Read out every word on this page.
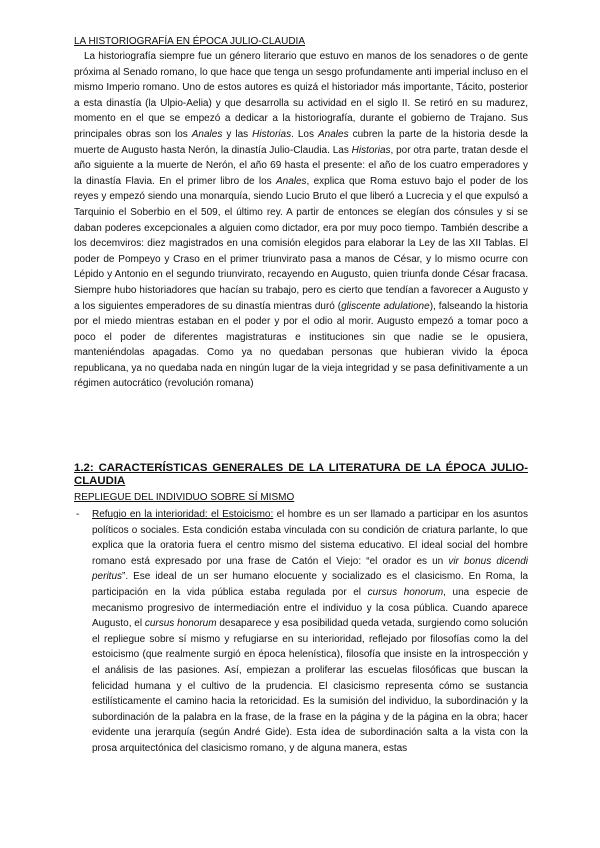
LA HISTORIOGRAFÍA EN ÉPOCA JULIO-CLAUDIA

La historiografía siempre fue un género literario que estuvo en manos de los senadores o de gente próxima al Senado romano, lo que hace que tenga un sesgo profundamente anti imperial incluso en el mismo Imperio romano. Uno de estos autores es quizá el historiador más importante, Tácito, posterior a esta dinastía (la Ulpio-Aelia) y que desarrolla su actividad en el siglo II. Se retiró en su madurez, momento en el que se empezó a dedicar a la historiografía, durante el gobierno de Trajano. Sus principales obras son los Anales y las Historias. Los Anales cubren la parte de la historia desde la muerte de Augusto hasta Nerón, la dinastía Julio-Claudia. Las Historias, por otra parte, tratan desde el año siguiente a la muerte de Nerón, el año 69 hasta el presente: el año de los cuatro emperadores y la dinastía Flavia. En el primer libro de los Anales, explica que Roma estuvo bajo el poder de los reyes y empezó siendo una monarquía, siendo Lucio Bruto el que liberó a Lucrecia y el que expulsó a Tarquinio el Soberbio en el 509, el último rey. A partir de entonces se elegían dos cónsules y si se daban poderes excepcionales a alguien como dictador, era por muy poco tiempo. También describe a los decemviros: diez magistrados en una comisión elegidos para elaborar la Ley de las XII Tablas. El poder de Pompeyo y Craso en el primer triunvirato pasa a manos de César, y lo mismo ocurre con Lépido y Antonio en el segundo triunvirato, recayendo en Augusto, quien triunfa donde César fracasa. Siempre hubo historiadores que hacían su trabajo, pero es cierto que tendían a favorecer a Augusto y a los siguientes emperadores de su dinastía mientras duró (gliscente adulatione), falseando la historia por el miedo mientras estaban en el poder y por el odio al morir. Augusto empezó a tomar poco a poco el poder de diferentes magistraturas e instituciones sin que nadie se le opusiera, manteniéndolas apagadas. Como ya no quedaban personas que hubieran vivido la época republicana, ya no quedaba nada en ningún lugar de la vieja integridad y se pasa definitivamente a un régimen autocrático (revolución romana)

1.2: CARACTERÍSTICAS GENERALES DE LA LITERATURA DE LA ÉPOCA JULIO-CLAUDIA
REPLIEGUE DEL INDIVIDUO SOBRE SÍ MISMO
- Refugio en la interioridad: el Estoicismo: el hombre es un ser llamado a participar en los asuntos políticos o sociales. Esta condición estaba vinculada con su condición de criatura parlante, lo que explica que la oratoria fuera el centro mismo del sistema educativo. El ideal social del hombre romano está expresado por una frase de Catón el Viejo: “el orador es un vir bonus dicendi peritus”. Ese ideal de un ser humano elocuente y socializado es el clasicismo. En Roma, la participación en la vida pública estaba regulada por el cursus honorum, una especie de mecanismo progresivo de intermediación entre el individuo y la cosa pública. Cuando aparece Augusto, el cursus honorum desaparece y esa posibilidad queda vetada, surgiendo como solución el repliegue sobre sí mismo y refugiarse en su interioridad, reflejado por filosofías como la del estoicismo (que realmente surgió en época helenística), filosofía que insiste en la introspección y el análisis de las pasiones. Así, empiezan a proliferar las escuelas filosóficas que buscan la felicidad humana y el cultivo de la prudencia. El clasicismo representa cómo se sustancia estilísticamente el camino hacia la retoricidad. Es la sumisión del individuo, la subordinación y la subordinación de la palabra en la frase, de la frase en la página y de la página en la obra; hacer evidente una jerarquía (según André Gide). Esta idea de subordinación salta a la vista con la prosa arquitectónica del clasicismo romano, y de alguna manera, estas
